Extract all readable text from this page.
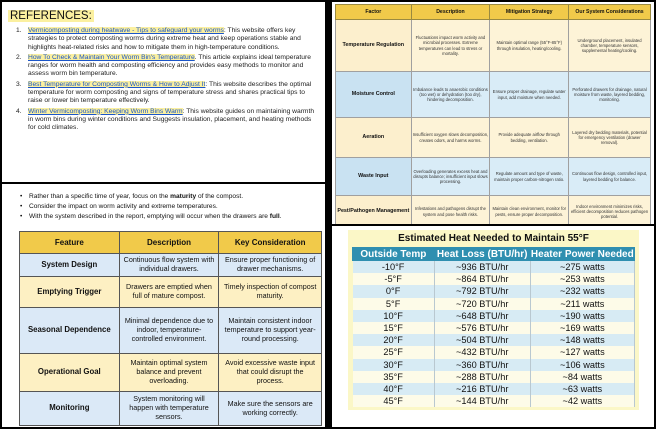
REFERENCES:
1. Vermicomposting during heatwave - Tips to safeguard your worms: This website offers key strategies to protect composting worms during extreme heat and keep operations stable and highlights heat-related risks and how to mitigate them in high-temperature conditions.
2. How To Check & Maintain Your Worm Bin's Temperature. This article explains ideal temperature ranges for worm health and composting efficiency and provides easy methods to monitor and assess worm bin temperature.
3. Best Temperature for Composting Worms & How to Adjust It: This website describes the optimal temperature for worm composting and signs of temperature stress and shares practical tips to raise or lower bin temperature effectively.
4. Winter Vermicomposting: Keeping Worm Bins Warm: This website guides on maintaining warmth in worm bins during winter conditions and Suggests insulation, placement, and heating methods for cold climates.
Factor	Description	Mitigation Strategy	Our System Considerations
Temperature Regulation	Fluctuations impact worm activity and microbial processes. Extreme temperatures can lead to stress or mortality.	Maintain optimal range (55°F-85°F) through insulation, heating/cooling.	Underground placement, insulated chamber, temperature sensors, supplemental heating/cooling.
Moisture Control	Imbalance leads to anaerobic conditions (too wet) or dehydration (too dry), hindering decomposition.	Ensure proper drainage, regulate water input, add moisture when needed.	Perforated drawers for drainage, natural moisture from waste, layered bedding, monitoring.
Aeration	Insufficient oxygen slows decomposition, creates odors, and harms worms.	Provide adequate airflow through bedding, ventilation.	Layered dry bedding materials, potential for emergency ventilation (drawer removal).
Waste Input	Overloading generates excess heat and disrupts balance; insufficient input slows processing.	Regulate amount and type of waste, maintain proper carbon-nitrogen ratio.	Continuous flow design, controlled input, layered bedding for balance.
Pest/Pathogen Management	Infestations and pathogens disrupt the system and pose health risks.	Maintain clean environment, monitor for pests, ensure proper decomposition.	Indoor environment minimizes risks, efficient decomposition reduces pathogen potential.
• Rather than a specific time of year, focus on the maturity of the compost.
• Consider the impact on worm activity and extreme temperatures.
• With the system described in the report, emptying will occur when the drawers are full.
Feature	Description	Key Consideration
System Design	Continuous flow system with individual drawers.	Ensure proper functioning of drawer mechanisms.
Emptying Trigger	Drawers are emptied when full of mature compost.	Timely inspection of compost maturity.
Seasonal Dependence	Minimal dependence due to indoor, temperature-controlled environment.	Maintain consistent indoor temperature to support year-round processing.
Operational Goal	Maintain optimal system balance and prevent overloading.	Avoid excessive waste input that could disrupt the process.
Monitoring	System monitoring will happen with temperature sensors.	Make sure the sensors are working correctly.
Estimated Heat Needed to Maintain 55°F
Outside Temp	Heat Loss (BTU/hr)	Heater Power Needed
-10°F	~936 BTU/hr	~275 watts
-5°F	~864 BTU/hr	~253 watts
0°F	~792 BTU/hr	~232 watts
5°F	~720 BTU/hr	~211 watts
10°F	~648 BTU/hr	~190 watts
15°F	~576 BTU/hr	~169 watts
20°F	~504 BTU/hr	~148 watts
25°F	~432 BTU/hr	~127 watts
30°F	~360 BTU/hr	~106 watts
35°F	~288 BTU/hr	~84 watts
40°F	~216 BTU/hr	~63 watts
45°F	~144 BTU/hr	~42 watts
